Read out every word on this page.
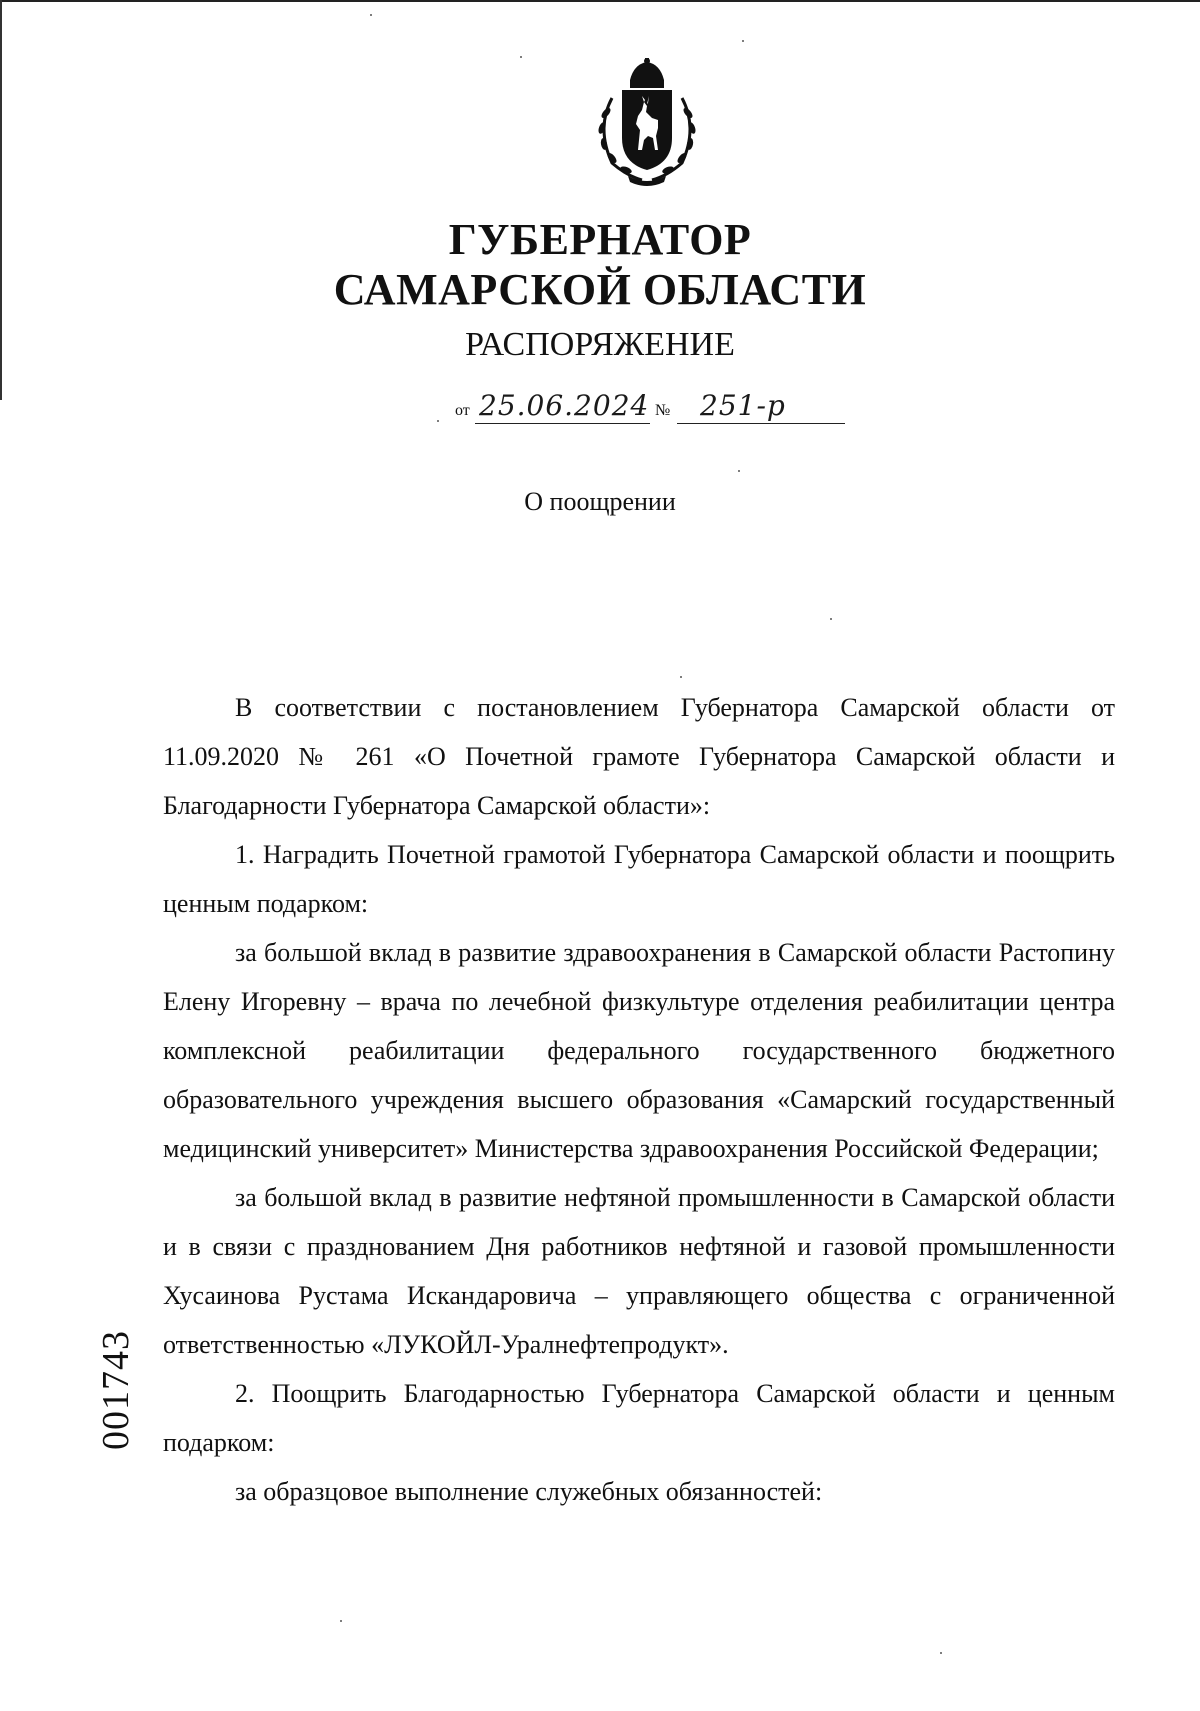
ГУБЕРНАТОР
САМАРСКОЙ ОБЛАСТИ
РАСПОРЯЖЕНИЕ
от 25.06.2024 № 251-р
О поощрении

В соответствии с постановлением Губернатора Самарской области от 11.09.2020 № 261 «О Почетной грамоте Губернатора Самарской области и Благодарности Губернатора Самарской области»:

1. Наградить Почетной грамотой Губернатора Самарской области и поощрить ценным подарком:

за большой вклад в развитие здравоохранения в Самарской области Растопину Елену Игоревну – врача по лечебной физкультуре отделения реабилитации центра комплексной реабилитации федерального государственного бюджетного образовательного учреждения высшего образования «Самарский государственный медицинский университет» Министерства здравоохранения Российской Федерации;

за большой вклад в развитие нефтяной промышленности в Самарской области и в связи с празднованием Дня работников нефтяной и газовой промышленности Хусаинова Рустама Искандаровича – управляющего общества с ограниченной ответственностью «ЛУКОЙЛ-Уралнефтепродукт».

2. Поощрить Благодарностью Губернатора Самарской области и ценным подарком:

за образцовое выполнение служебных обязанностей:

001743
